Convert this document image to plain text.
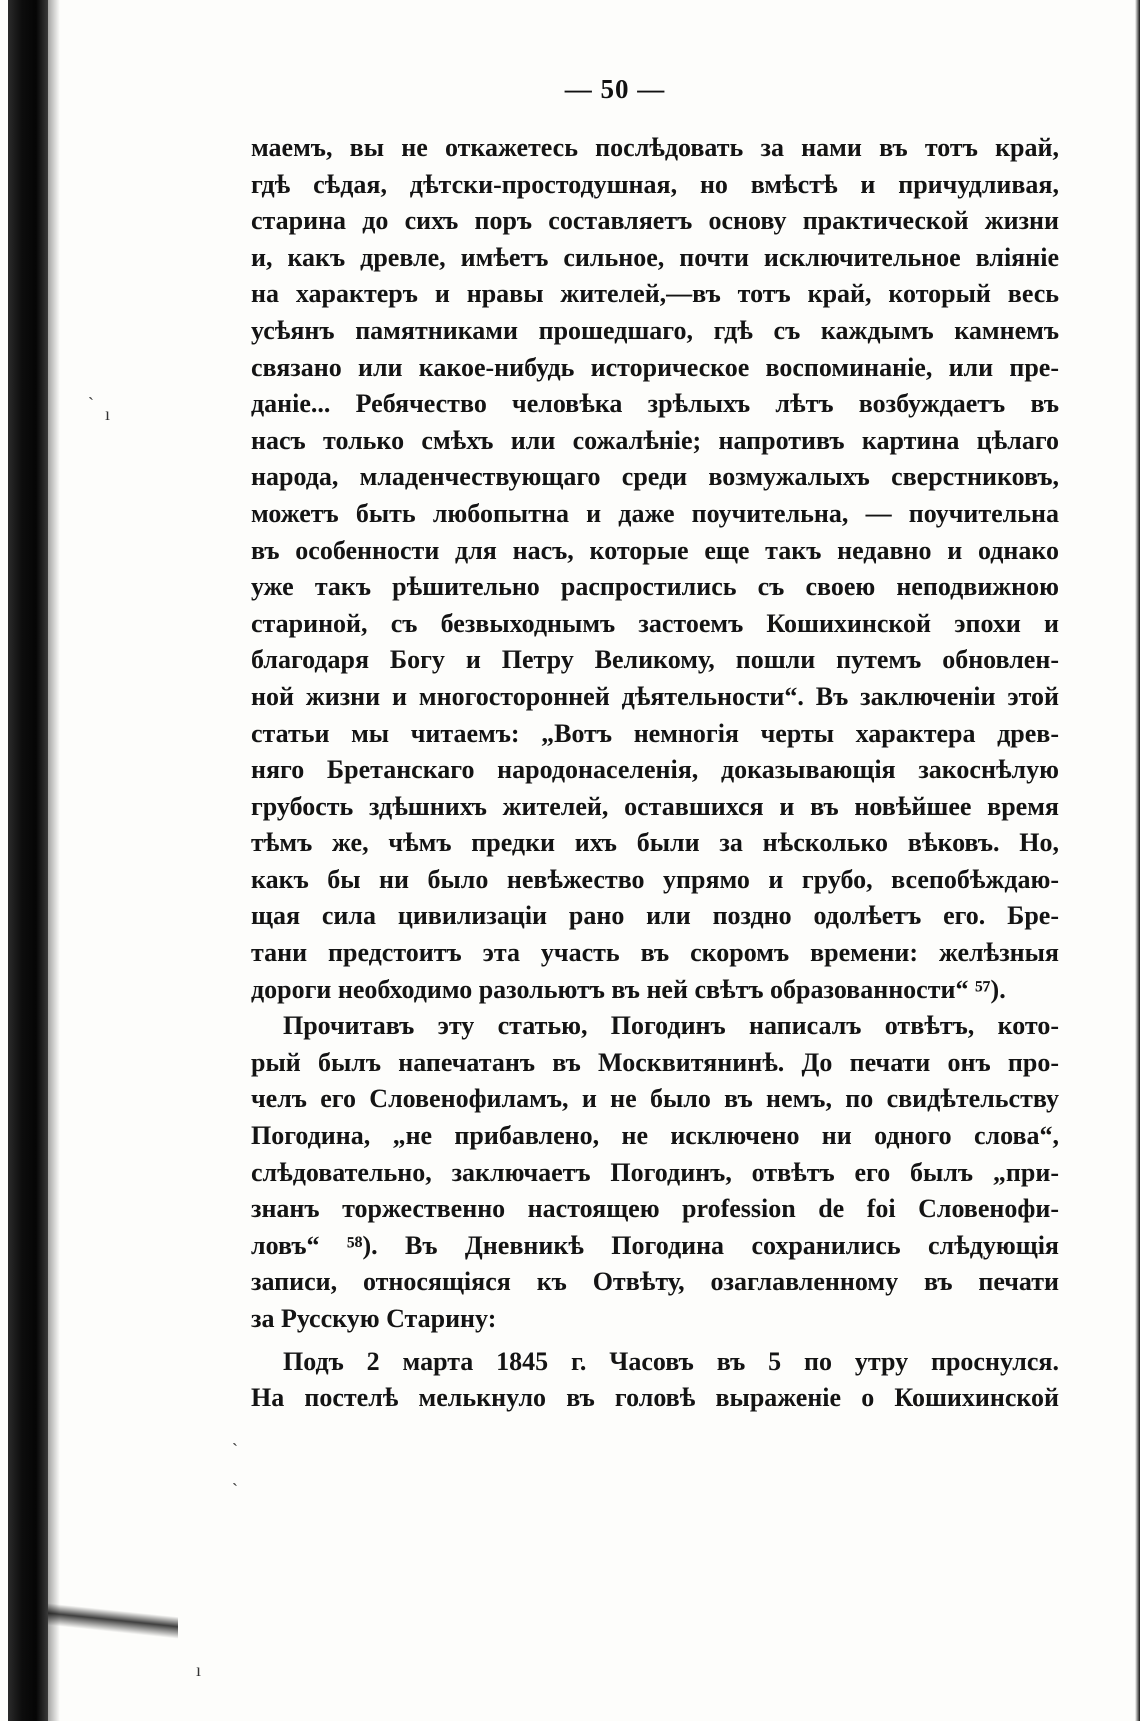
— 50 —
маемъ, вы не откажетесь послѣдовать за нами въ тотъ край,
гдѣ сѣдая, дѣтски-простодушная, но вмѣстѣ и причудливая,
старина до сихъ поръ составляетъ основу практической жизни
и, какъ древле, имѣетъ сильное, почти исключительное вліяніе
на характеръ и нравы жителей,—въ тотъ край, который весь
усѣянъ памятниками прошедшаго, гдѣ съ каждымъ камнемъ
связано или какое-нибудь историческое воспоминаніе, или пре-
даніе... Ребячество человѣка зрѣлыхъ лѣтъ возбуждаетъ въ
насъ только смѣхъ или сожалѣніе; напротивъ картина цѣлаго
народа, младенчествующаго среди возмужалыхъ сверстниковъ,
можетъ быть любопытна и даже поучительна, — поучительна
въ особенности для насъ, которые еще такъ недавно и однако
уже такъ рѣшительно распростились съ своею неподвижною
стариной, съ безвыходнымъ застоемъ Кошихинской эпохи и
благодаря Богу и Петру Великому, пошли путемъ обновлен-
ной жизни и многосторонней дѣятельности“. Въ заключеніи этой
статьи мы читаемъ: „Вотъ немногія черты характера древ-
няго Бретанскаго народонаселенія, доказывающія закоснѣлую
грубость здѣшнихъ жителей, оставшихся и въ новѣйшее время
тѣмъ же, чѣмъ предки ихъ были за нѣсколько вѣковъ. Но,
какъ бы ни было невѣжество упрямо и грубо, всепобѣждаю-
щая сила цивилизаціи рано или поздно одолѣетъ его. Бре-
тани предстоитъ эта участь въ скоромъ времени: желѣзныя
дороги необходимо разольютъ въ ней свѣтъ образованности“ ⁵⁷).
Прочитавъ эту статью, Погодинъ написалъ отвѣтъ, кото-
рый былъ напечатанъ въ Москвитянинѣ. До печати онъ про-
челъ его Словенофиламъ, и не было въ немъ, по свидѣтельству
Погодина, „не прибавлено, не исключено ни одного слова“,
слѣдовательно, заключаетъ Погодинъ, отвѣтъ его былъ „при-
знанъ торжественно настоящею profession de foi Словенофи-
ловъ“ ⁵⁸). Въ Дневникѣ Погодина сохранились слѣдующія
записи, относящіяся къ Отвѣту, озаглавленному въ печати
за Русскую Старину:
Подъ 2 марта 1845 г. Часовъ въ 5 по утру проснулся.
На постелѣ мелькнуло въ головѣ выраженіе о Кошихинской
` ı
`
`
ı
